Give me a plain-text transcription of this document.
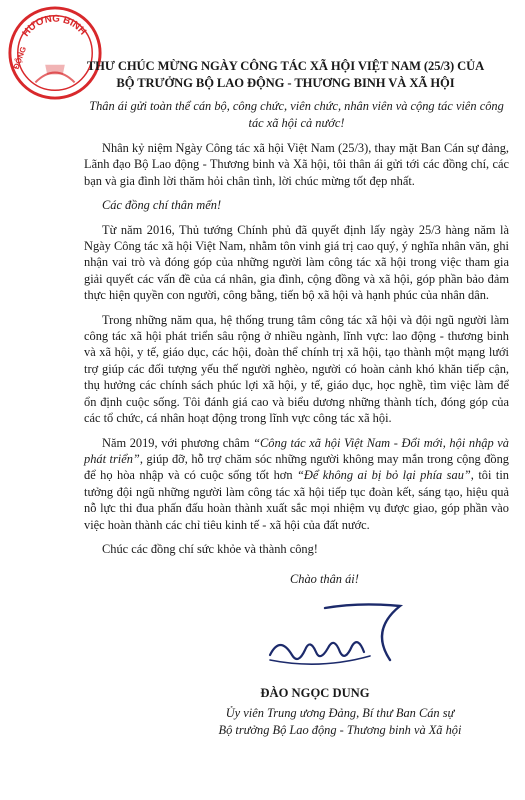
HƯƠNG BINH
ĐỘNG	THƯ CHÚC MỪNG NGÀY CÔNG TÁC XÃ HỘI VIỆT NAM (25/3) CỦA
BỘ TRƯỞNG BỘ LAO ĐỘNG - THƯƠNG BINH VÀ XÃ HỘI
Thân ái gửi toàn thể cán bộ, công chức, viên chức, nhân viên và cộng tác viên công tác xã hội cả nước!

Nhân kỷ niệm Ngày Công tác xã hội Việt Nam (25/3), thay mặt Ban Cán sự đảng, Lãnh đạo Bộ Lao động - Thương binh và Xã hội, tôi thân ái gửi tới các đồng chí, các bạn và gia đình lời thăm hỏi chân tình, lời chúc mừng tốt đẹp nhất.

Các đồng chí thân mến!

Từ năm 2016, Thủ tướng Chính phủ đã quyết định lấy ngày 25/3 hàng năm là Ngày Công tác xã hội Việt Nam, nhằm tôn vinh giá trị cao quý, ý nghĩa nhân văn, ghi nhận vai trò và đóng góp của những người làm công tác xã hội trong việc tham gia giải quyết các vấn đề của cá nhân, gia đình, cộng đồng và xã hội, góp phần bảo đảm thực hiện quyền con người, công bằng, tiến bộ xã hội và hạnh phúc của nhân dân.

Trong những năm qua, hệ thống trung tâm công tác xã hội và đội ngũ người làm công tác xã hội phát triển sâu rộng ở nhiều ngành, lĩnh vực: lao động - thương binh và xã hội, y tế, giáo dục, các hội, đoàn thể chính trị xã hội, tạo thành một mạng lưới trợ giúp các đối tượng yếu thế người nghèo, người có hoàn cảnh khó khăn tiếp cận, thụ hưởng các chính sách phúc lợi xã hội, y tế, giáo dục, học nghề, tìm việc làm để ổn định cuộc sống. Tôi đánh giá cao và biểu dương những thành tích, đóng góp của các tổ chức, cá nhân hoạt động trong lĩnh vực công tác xã hội.

Năm 2019, với phương châm “Công tác xã hội Việt Nam - Đổi mới, hội nhập và phát triển”, giúp đỡ, hỗ trợ chăm sóc những người không may mắn trong cộng đồng để họ hòa nhập và có cuộc sống tốt hơn “Để không ai bị bỏ lại phía sau”, tôi tin tưởng đội ngũ những người làm công tác xã hội tiếp tục đoàn kết, sáng tạo, hiệu quả nỗ lực thi đua phấn đấu hoàn thành xuất sắc mọi nhiệm vụ được giao, góp phần vào việc hoàn thành các chỉ tiêu kinh tế - xã hội của đất nước.

Chúc các đồng chí sức khỏe và thành công!

Chào thân ái!
ĐÀO NGỌC DUNG
Ủy viên Trung ương Đảng, Bí thư Ban Cán sự
Bộ trưởng Bộ Lao động - Thương binh và Xã hội
